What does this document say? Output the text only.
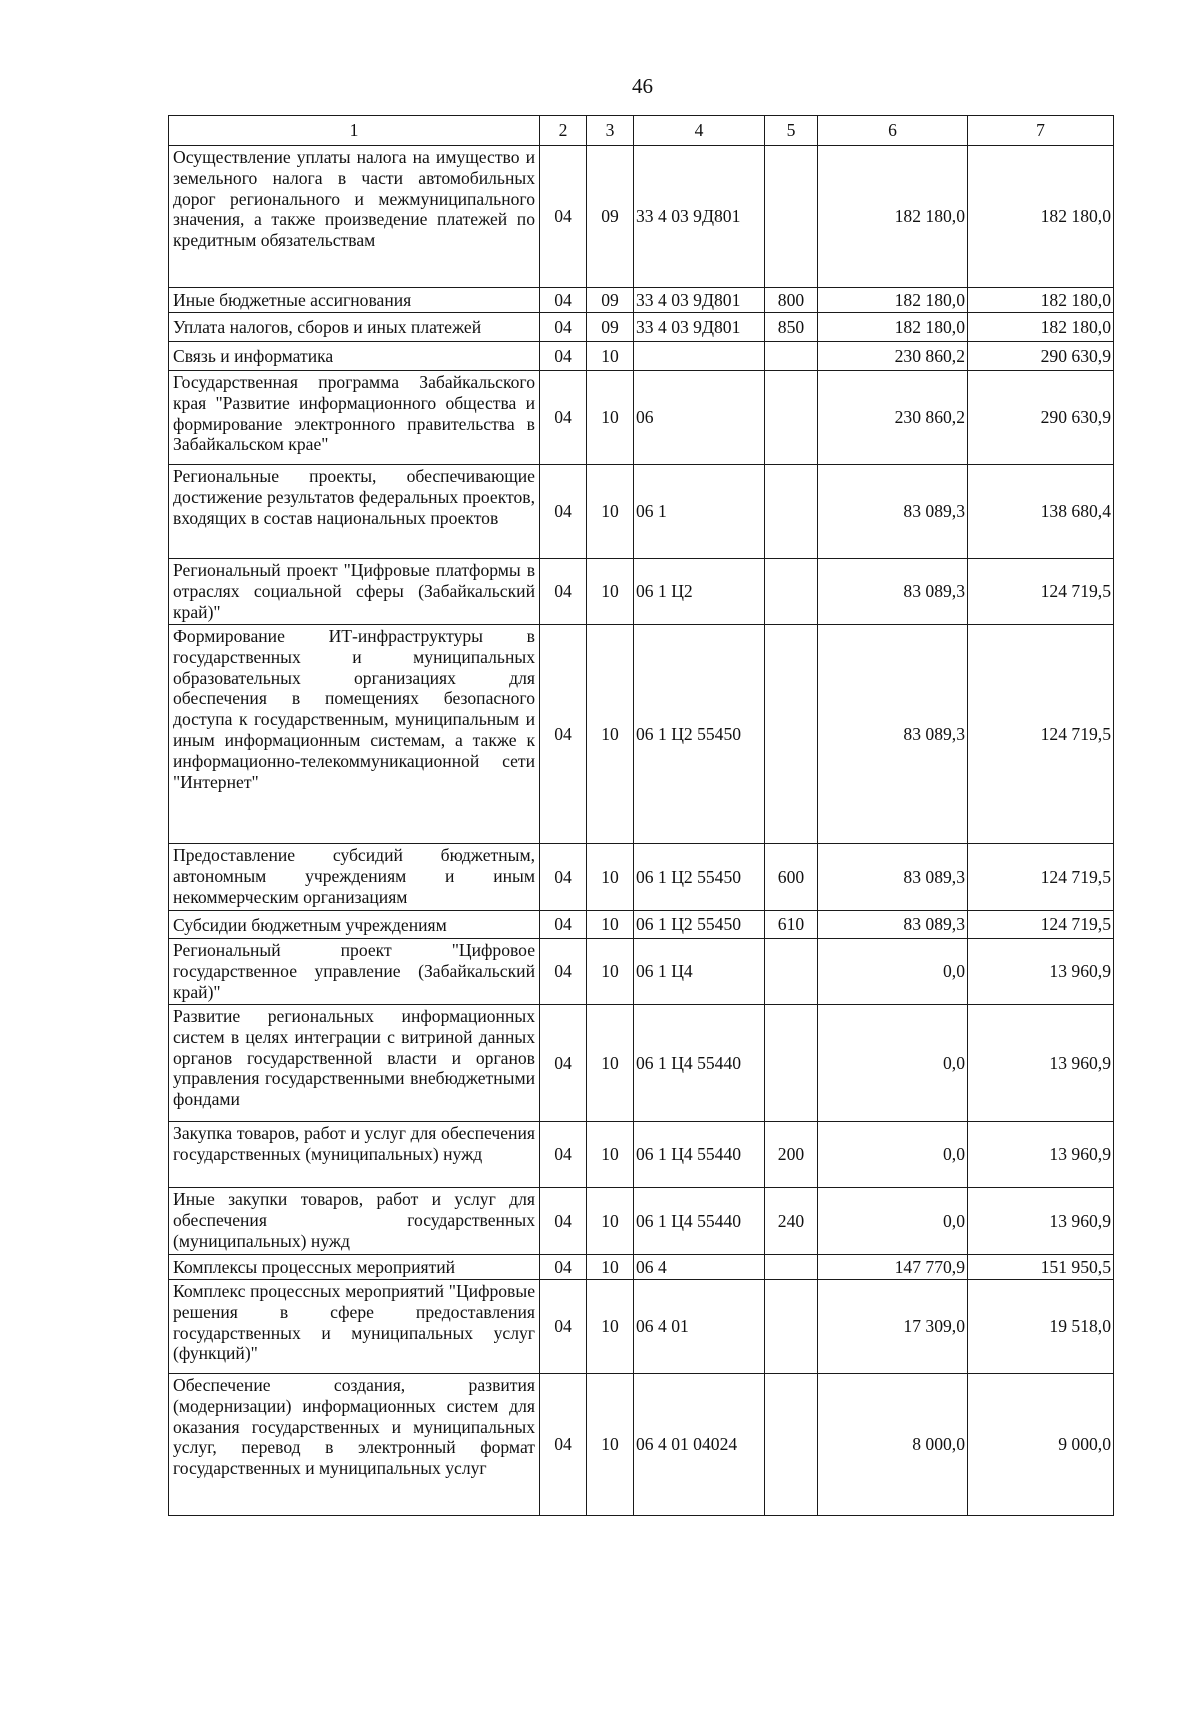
46
1	2	3	4	5	6	7
Осуществление уплаты налога на имущество и земельного налога в части автомобильных дорог регионального и межмуниципального значения, а также произведение платежей по кредитным обязательствам	04	09	33 4 03 9Д801		182 180,0	182 180,0
Иные бюджетные ассигнования	04	09	33 4 03 9Д801	800	182 180,0	182 180,0
Уплата налогов, сборов и иных платежей	04	09	33 4 03 9Д801	850	182 180,0	182 180,0
Связь и информатика	04	10			230 860,2	290 630,9
Государственная программа Забайкальского края "Развитие информационного общества и формирование электронного правительства в Забайкальском крае"	04	10	06		230 860,2	290 630,9
Региональные проекты, обеспечивающие достижение результатов федеральных проектов, входящих в состав национальных проектов	04	10	06 1		83 089,3	138 680,4
Региональный проект "Цифровые платформы в отраслях социальной сферы (Забайкальский край)"	04	10	06 1 Ц2		83 089,3	124 719,5
Формирование ИТ-инфраструктуры в государственных и муниципальных образовательных организациях для обеспечения в помещениях безопасного доступа к государственным, муниципальным и иным информационным системам, а также к информационно-телекоммуникационной сети "Интернет"	04	10	06 1 Ц2 55450		83 089,3	124 719,5
Предоставление субсидий бюджетным, автономным учреждениям и иным некоммерческим организациям	04	10	06 1 Ц2 55450	600	83 089,3	124 719,5
Субсидии бюджетным учреждениям	04	10	06 1 Ц2 55450	610	83 089,3	124 719,5
Региональный проект "Цифровое государственное управление (Забайкальский край)"	04	10	06 1 Ц4		0,0	13 960,9
Развитие региональных информационных систем в целях интеграции с витриной данных органов государственной власти и органов управления государственными внебюджетными фондами	04	10	06 1 Ц4 55440		0,0	13 960,9
Закупка товаров, работ и услуг для обеспечения государственных (муниципальных) нужд	04	10	06 1 Ц4 55440	200	0,0	13 960,9
Иные закупки товаров, работ и услуг для обеспечения государственных (муниципальных) нужд	04	10	06 1 Ц4 55440	240	0,0	13 960,9
Комплексы процессных мероприятий	04	10	06 4		147 770,9	151 950,5
Комплекс процессных мероприятий "Цифровые решения в сфере предоставления государственных и муниципальных услуг (функций)"	04	10	06 4 01		17 309,0	19 518,0
Обеспечение создания, развития (модернизации) информационных систем для оказания государственных и муниципальных услуг, перевод в электронный формат государственных и муниципальных услуг	04	10	06 4 01 04024		8 000,0	9 000,0
